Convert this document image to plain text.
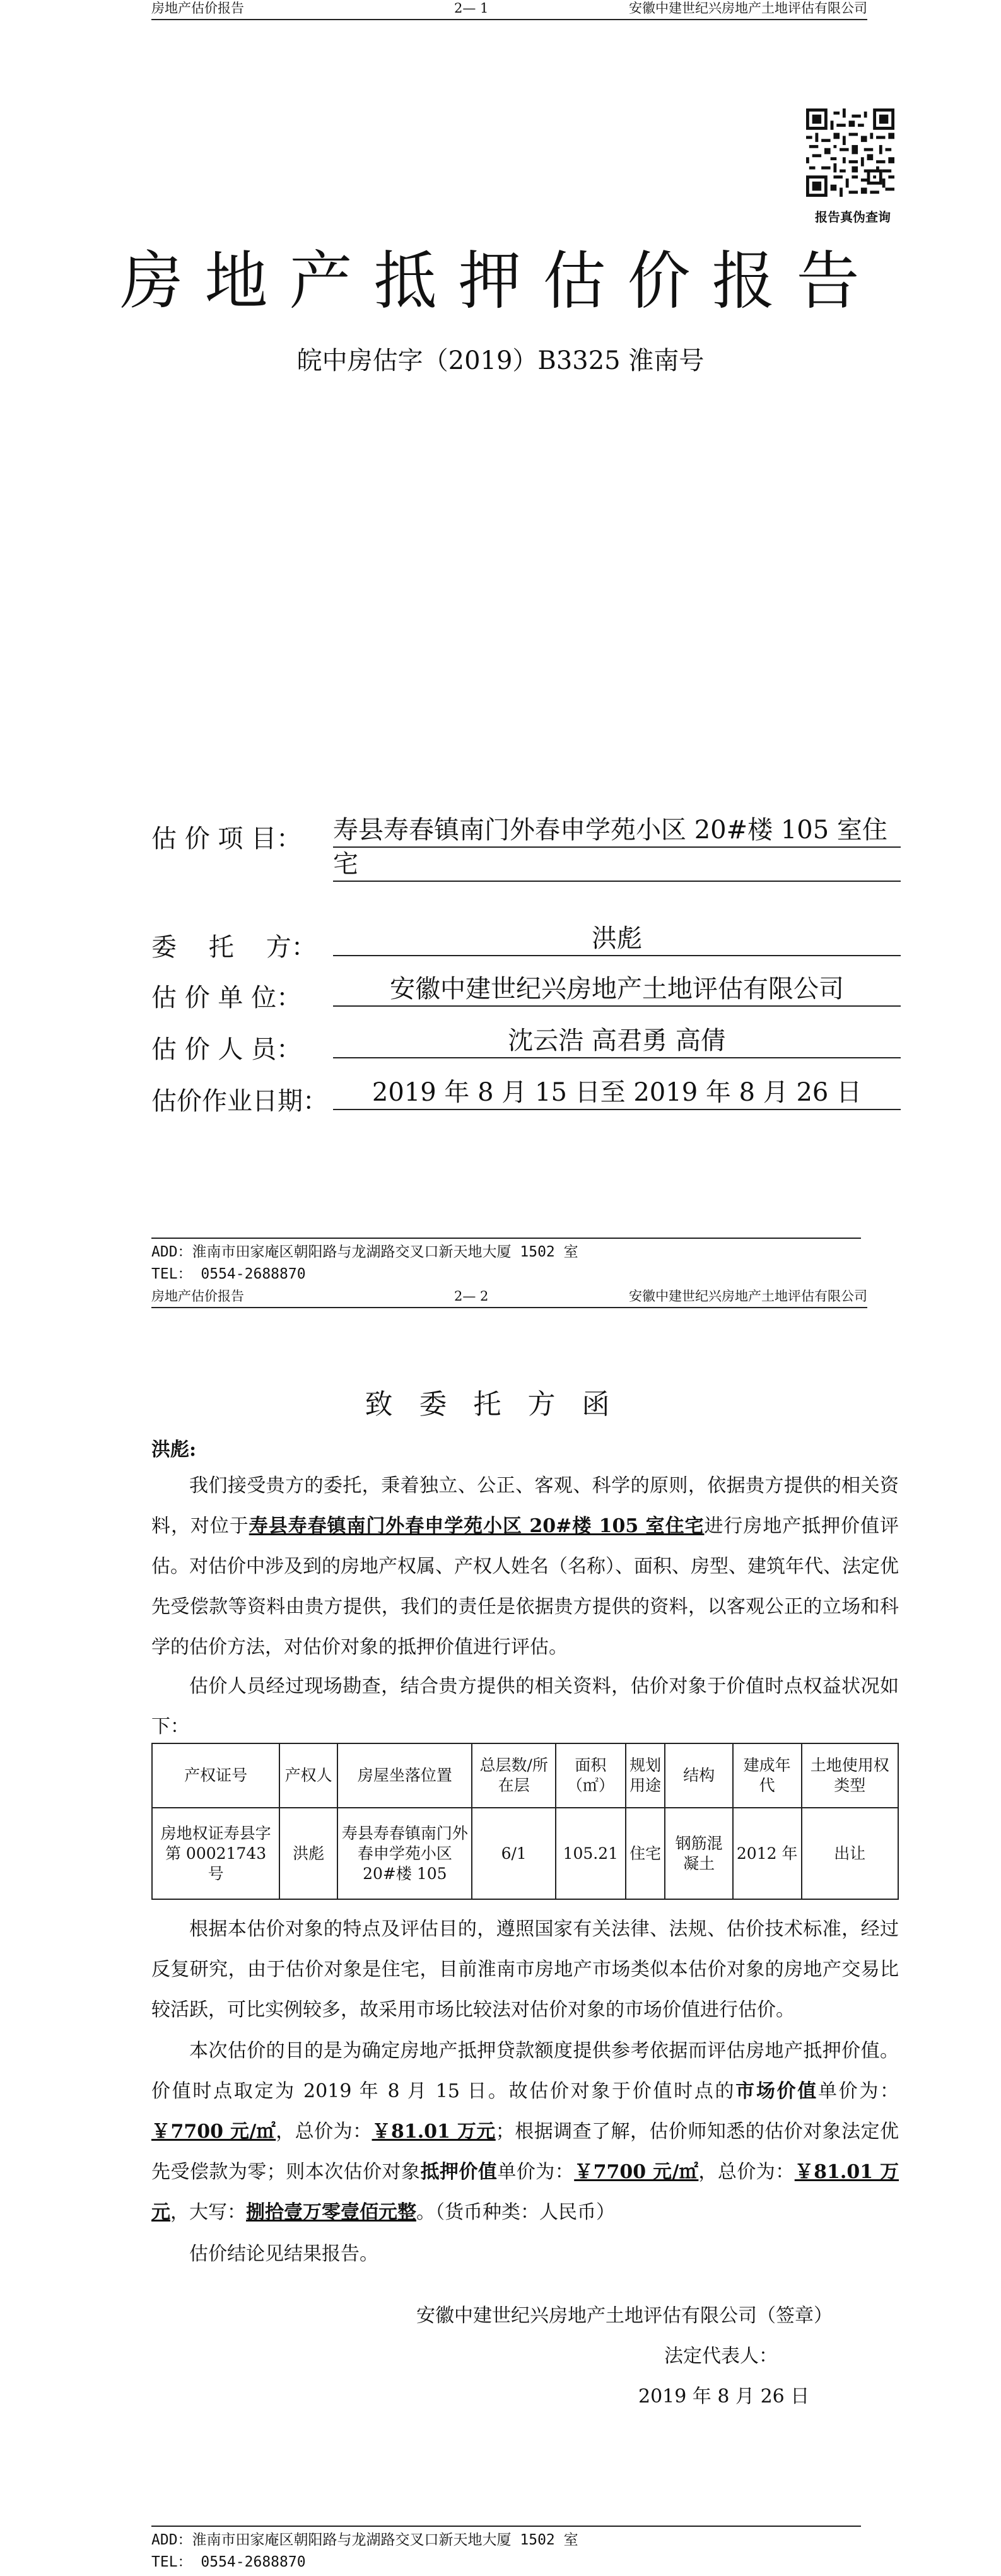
房地产估价报告	2— 1	安徽中建世纪兴房地产土地评估有限公司
报告真伪查询
房地产抵押估价报告
皖中房估字（2019）B3325 淮南号
估 价 项 目： 寿县寿春镇南门外春申学苑小区 20#楼 105 室住
宅
委    托    方：	洪彪
估 价 单 位：	安徽中建世纪兴房地产土地评估有限公司
估 价 人 员：	沈云浩 高君勇 高倩
估价作业日期：	2019 年 8 月 15 日至 2019 年 8 月 26 日
ADD：淮南市田家庵区朝阳路与龙湖路交叉口新天地大厦 1502 室
TEL： 0554-2688870
房地产估价报告	2— 2	安徽中建世纪兴房地产土地评估有限公司
致委托方函
洪彪:
我们接受贵方的委托，秉着独立、公正、客观、科学的原则，依据贵方提供的相关资料，对位于寿县寿春镇南门外春申学苑小区 20#楼 105 室住宅进行房地产抵押价值评估。对估价中涉及到的房地产权属、产权人姓名（名称）、面积、房型、建筑年代、法定优先受偿款等资料由贵方提供，我们的责任是依据贵方提供的资料，以客观公正的立场和科学的估价方法，对估价对象的抵押价值进行评估。
估价人员经过现场勘查，结合贵方提供的相关资料，估价对象于价值时点权益状况如下：
产权证号	产权人	房屋坐落位置	总层数/所在层	面积（㎡）	规划用途	结构	建成年代	土地使用权类型
房地权证寿县字第 00021743 号	洪彪	寿县寿春镇南门外春申学苑小区 20#楼 105	6/1	105.21	住宅	钢筋混凝土	2012 年	出让
根据本估价对象的特点及评估目的，遵照国家有关法律、法规、估价技术标准，经过反复研究，由于估价对象是住宅，目前淮南市房地产市场类似本估价对象的房地产交易比较活跃，可比实例较多，故采用市场比较法对估价对象的市场价值进行估价。
本次估价的目的是为确定房地产抵押贷款额度提供参考依据而评估房地产抵押价值。价值时点取定为 2019 年 8 月 15 日。故估价对象于价值时点的市场价值单价为：￥7700 元/㎡，总价为：￥81.01 万元；根据调查了解，估价师知悉的估价对象法定优先受偿款为零；则本次估价对象抵押价值单价为：￥7700 元/㎡，总价为：￥81.01 万元，大写：捌拾壹万零壹佰元整。（货币种类：人民币）
估价结论见结果报告。
安徽中建世纪兴房地产土地评估有限公司（签章）
法定代表人：
2019 年 8 月 26 日
ADD：淮南市田家庵区朝阳路与龙湖路交叉口新天地大厦 1502 室
TEL： 0554-2688870
